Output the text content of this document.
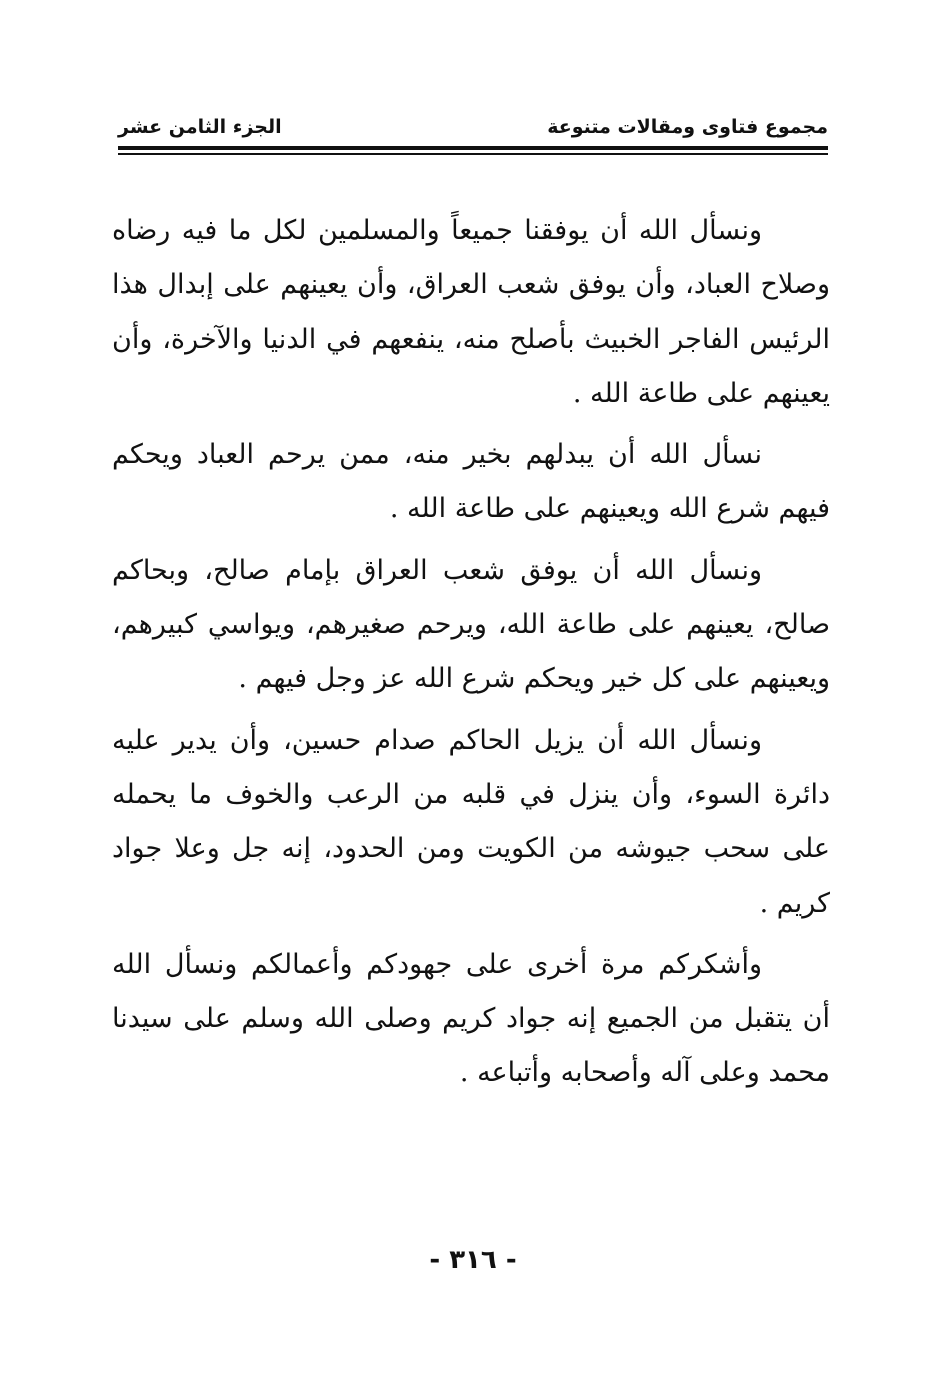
مجموع فتاوى ومقالات متنوعة
الجزء الثامن عشر

ونسأل الله أن يوفقنا جميعاً والمسلمين لكل ما فيه رضاه وصلاح العباد، وأن يوفق شعب العراق، وأن يعينهم على إبدال هذا الرئيس الفاجر الخبيث بأصلح منه، ينفعهم في الدنيا والآخرة، وأن يعينهم على طاعة الله .

نسأل الله أن يبدلهم بخير منه، ممن يرحم العباد ويحكم فيهم شرع الله ويعينهم على طاعة الله .

ونسأل الله أن يوفق شعب العراق بإمام صالح، وبحاكم صالح، يعينهم على طاعة الله، ويرحم صغيرهم، ويواسي كبيرهم، ويعينهم على كل خير ويحكم شرع الله عز وجل فيهم .

ونسأل الله أن يزيل الحاكم صدام حسين، وأن يدير عليه دائرة السوء، وأن ينزل في قلبه من الرعب والخوف ما يحمله على سحب جيوشه من الكويت ومن الحدود، إنه جل وعلا جواد كريم .

وأشكركم مرة أخرى على جهودكم وأعمالكم ونسأل الله أن يتقبل من الجميع إنه جواد كريم وصلى الله وسلم على سيدنا محمد وعلى آله وأصحابه وأتباعه .

- ٣١٦ -
